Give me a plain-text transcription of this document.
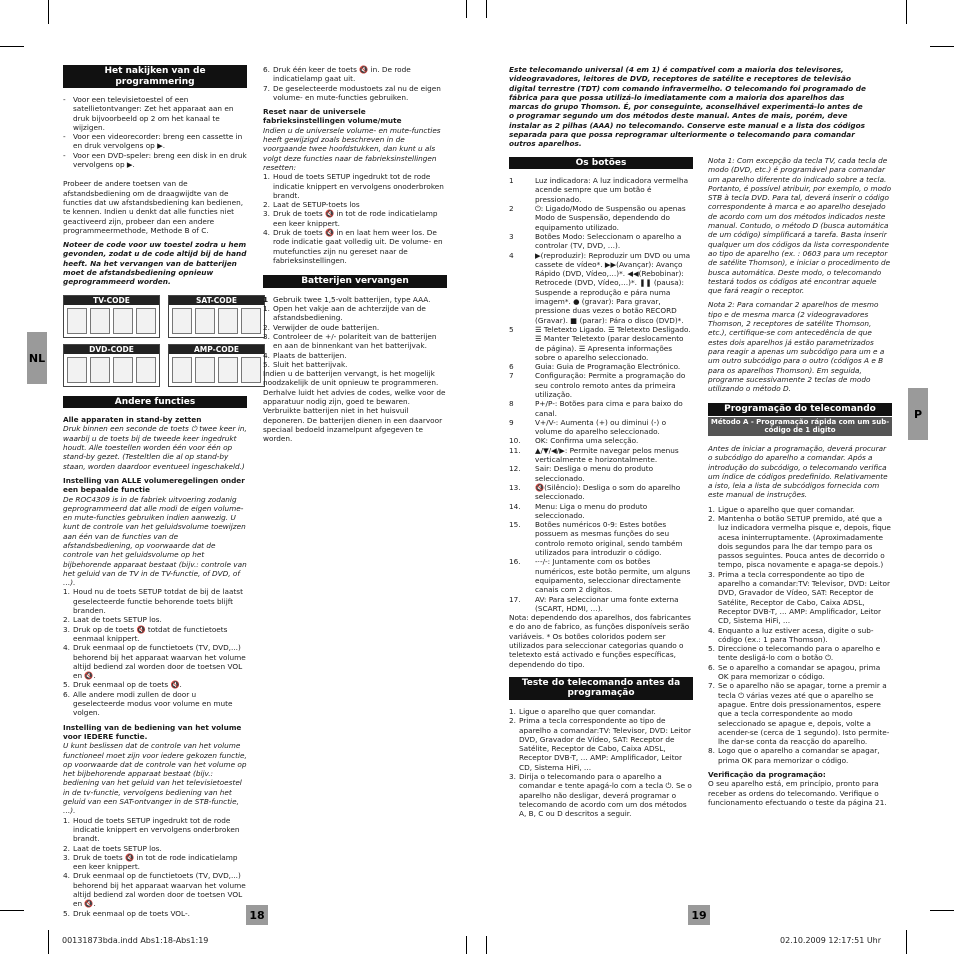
NL
P
18	19
Het nakijken van de programmering
-	Voor een televisietoestel of een satellietontvanger: Zet het apparaat aan en druk bijvoorbeeld op 2 om het kanaal te wijzigen.
-	Voor een videorecorder: breng een cassette in en druk vervolgens op ▶.
-	Voor een DVD-speler: breng een disk in en druk vervolgens op ▶.

Probeer de andere toetsen van de afstandsbediening om de draagwijdte van de functies dat uw afstandsbediening kan bedienen, te kennen. Indien u denkt dat alle functies niet geactiveerd zijn, probeer dan een andere programmeermethode, Methode B of C.

Noteer de code voor uw toestel zodra u hem gevonden, zodat u de code altijd bij de hand heeft. Na het vervangen van de batterijen moet de afstandsbediening opnieuw geprogrammeerd worden.

TV-CODE	SAT-CODE
DVD-CODE	AMP-CODE
Andere functies
Alle apparaten in stand-by zetten

Druk binnen een seconde de toets ⏻ twee keer in, waarbij u de toets bij de tweede keer ingedrukt houdt. Alle toestellen worden één voor één op stand-by gezet. (Testeltlen die al op stand-by staan, worden daardoor eventueel ingeschakeld.)

Instelling van ALLE volumeregelingen onder een bepaalde functie
De ROC4309 is in de fabriek uitvoering zodanig geprogrammeerd dat alle modi de eigen volume- en mute-functies gebruiken indien aanwezig. U kunt de controle van het geluidsvolume toewijzen aan één van de functies van de afstandsbediening, op voorwaarde dat de controle van het geluidsvolume op het bijbehorende apparaat bestaat (bijv.: controle van het geluid van de TV in de TV-functie, of DVD, of …).
1. Houd nu de toets SETUP totdat de bij de laatst geselecteerde functie behorende toets blijft branden.
2. Laat de toets SETUP los.
3. Druk op de toets 🔇 totdat de functietoets eenmaal knippert.
4. Druk eenmaal op de functietoets (TV, DVD,...) behorend bij het apparaat waarvan het volume altijd bediend zal worden door de toetsen VOL en 🔇.
5. Druk eenmaal op de toets 🔇.
6. Alle andere modi zullen de door u geselecteerde modus voor volume en mute volgen.
Instelling van de bediening van het volume voor IEDERE functie.
U kunt beslissen dat de controle van het volume functioneel moet zijn voor iedere gekozen functie, op voorwaarde dat de controle van het volume op het bijbehorende apparaat bestaat (bijv.: bediening van het geluid van het televisietoestel in de tv-functie, vervolgens bediening van het geluid van een SAT-ontvanger in de STB-functie, …).
1. Houd de toets SETUP ingedrukt tot de rode indicatie knippert en vervolgens onderbroken brandt.
2. Laat de toets SETUP los.
3. Druk de toets 🔇 in tot de rode indicatielamp een keer knippert.
4. Druk eenmaal op de functietoets (TV, DVD,...) behorend bij het apparaat waarvan het volume altijd bediend zal worden door de toetsen VOL en 🔇.
5. Druk eenmaal op de toets VOL-.
6. Druk één keer de toets 🔇 in. De rode indicatielamp gaat uit.
7. De geselecteerde modustoets zal nu de eigen volume- en mute-functies gebruiken.
Reset naar de universele fabrieksinstellingen volume/mute
Indien u de universele volume- en mute-functies heeft gewijzigd zoals beschreven in de voorgaande twee hoofdstukken, dan kunt u als volgt deze functies naar de fabrieksinstellingen resetten:
1. Houd de toets SETUP ingedrukt tot de rode indicatie knippert en vervolgens onoderbroken brandt.
2. Laat de SETUP-toets los
3. Druk de toets 🔇 in tot de rode indicatielamp een keer knippert.
4. Druk de toets 🔇 in en laat hem weer los. De rode indicatie gaat volledig uit. De volume- en mutefuncties zijn nu gereset naar de fabrieksinstellingen.
Batterijen vervangen
1 Gebruik twee 1,5-volt batterijen, type AAA.
1. Open het vakje aan de achterzijde van de afstandsbediening.
2. Verwijder de oude batterijen.
3. Controleer de +/- polariteit van de batterijen en aan de binnenkant van het batterijvak.
4. Plaats de batterijen.
5. Sluit het batterijvak.
Indien u de batterijen vervangt, is het mogelijk noodzakelijk de unit opnieuw te programmeren. Derhalve luidt het advies de codes, welke voor de apparatuur nodig zijn, goed te bewaren. Verbruikte batterijen niet in het huisvuil deponeren. De batterijen dienen in een daarvoor speciaal bedoeld inzamelpunt afgegeven te worden.
Este telecomando universal (4 em 1) é compatível com a maioria dos televisores, videogravadores, leitores de DVD, receptores de satélite e receptores de televisão digital terrestre (TDT) com comando infravermelho. O telecomando foi programado de fábrica para que possa utilizá-lo imediatamente com a maioria dos aparelhos das marcas do grupo Thomson. É, por conseguinte, aconselhável experimentá-lo antes de o programar segundo um dos métodos deste manual. Antes de mais, porém, deve instalar as 2 pilhas (AAA) no telecomando. Conserve este manual e a lista dos códigos separada para que possa reprogramar ulteriormente o telecomando para comandar outros aparelhos.
Os botões
1	Luz indicadora: A luz indicadora vermelha acende sempre que um botão é pressionado.
2	⏻: Ligado/Modo de Suspensão ou apenas Modo de Suspensão, dependendo do equipamento utilizado.
3	Botões Modo: Seleccionam o aparelho a controlar (TV, DVD, …).
4	▶(reproduzir): Reproduzir um DVD ou uma cassete de vídeo*. ▶▶(Avançar): Avanço Rápido (DVD, Vídeo,…)*. ◀◀(Rebobinar): Retrocede (DVD, Vídeo,…)*. ❚❚ (pausa): Suspende a reprodução e pára numa imagem*. ● (gravar): Para gravar, pressione duas vezes o botão RECORD (Gravar). ■ (parar): Pára o disco (DVD)*.
5	☰ Teletexto Ligado. ☰ Teletexto Desligado. ☰ Manter Teletexto (parar deslocamento de página). ☰ Apresenta informações sobre o aparelho seleccionado.
6	Guia: Guia de Programação Electrónico.
7	Configuração: Permite a programação do seu controlo remoto antes da primeira utilização.
8	P+/P-: Botões para cima e para baixo do canal.
9	V+/V-: Aumenta (+) ou diminui (-) o volume do aparelho seleccionado.
10.	OK: Confirma uma selecção.
11.	▲/▼/◀/▶: Permite navegar pelos menus verticalmente e horizontalmente.
12.	Sair: Desliga o menu do produto seleccionado.
13.	🔇(Silêncio): Desliga o som do aparelho seleccionado.
14.	Menu: Liga o menu do produto seleccionado.
15.	Botões numéricos 0-9: Estes botões possuem as mesmas funções do seu controlo remoto original, sendo também utilizados para introduzir o código.
16.	-·-/-: Juntamente com os botões numéricos, este botão permite, um alguns equipamento, seleccionar directamente canais com 2 digitos.
17.	AV: Para seleccionar uma fonte externa (SCART, HDMI, …).
Nota: dependendo dos aparelhos, dos fabricantes e do ano de fabrico, as funções disponíveis serão variáveis. * Os botões coloridos podem ser utilizados para seleccionar categorias quando o teletexto está activado e funções específicas, dependendo do tipo.
Teste do telecomando antes da programação
1. Ligue o aparelho que quer comandar.
2. Prima a tecla correspondente ao tipo de aparelho a comandar:TV: Televisor, DVD: Leitor DVD, Gravador de Vídeo, SAT: Receptor de Satélite, Receptor de Cabo, Caixa ADSL, Receptor DVB-T, … AMP: Amplificador, Leitor CD, Sistema HiFi, …
3. Dirija o telecomando para o aparelho a comandar e tente apagá-lo com a tecla ⏻. Se o aparelho não desligar, deverá programar o telecomando de acordo com um dos métodos A, B, C ou D descritos a seguir.

Nota 1: Com excepção da tecla TV, cada tecla de modo (DVD, etc.) é programável para comandar um aparelho diferente do indicado sobre a tecla. Portanto, é possível atribuir, por exemplo, o modo STB à tecla DVD. Para tal, deverá inserir o código correspondente à marca e ao aparelho desejado de acordo com um dos métodos indicados neste manual. Contudo, o método D (busca automática de um código) simplificará a tarefa. Basta inserir qualquer um dos códigos da lista correspondente ao tipo de aparelho (ex. : 0603 para um receptor de satélite Thomson), e iniciar o procedimento de busca automática. Deste modo, o telecomando testará todos os códigos até encontrar aquele que fará reagir o receptor.

Nota 2: Para comandar 2 aparelhos de mesmo tipo e de mesma marca (2 videogravadores Thomson, 2 receptores de satélite Thomson, etc.), certifique-se com antecedência de que estes dois aparelhos já estão parametrizados para reagir a apenas um subcódigo para um e a um outro subcódigo para o outro (códigos A e B para os aparelhos Thomson). Em seguida, programe sucessivamente 2 teclas de modo utilizando o método D.

Programação do telecomando
Método A - Programação rápida com um sub-código de 1 digito

Antes de iniciar a programação, deverá procurar o subcódigo do aparelho a comandar. Após a introdução do subcódigo, o telecomando verifica um índice de códigos predefinido. Relativamente a isto, leia a lista de subcódigos fornecida com este manual de instruções.

1. Ligue o aparelho que quer comandar.
2. Mantenha o botão SETUP premido, até que a luz indicadora vermelha pisque e, depois, fique acesa ininterruptamente. (Aproximadamente dois segundos para lhe dar tempo para os passos seguintes. Pouca antes de decorrido o tempo, pisca novamente e apaga-se depois.)
3. Prima a tecla correspondente ao tipo de aparelho a comandar:TV: Televisor, DVD: Leitor DVD, Gravador de Vídeo, SAT: Receptor de Satélite, Receptor de Cabo, Caixa ADSL, Receptor DVB-T, … AMP: Amplificador, Leitor CD, Sistema HiFi, …
4. Enquanto a luz estiver acesa, digite o sub-código (ex.: 1 para Thomson).
5. Direccione o telecomando para o aparelho e tente desligá-lo com o botão ⏻.
6. Se o aparelho a comandar se apagou, prima OK para memorizar o código.
7. Se o aparelho não se apagar, torne a premir a tecla ⏻ várias vezes até que o aparelho se apague. Entre dois pressionamentos, espere que a tecla correspondente ao modo seleccionado se apague e, depois, volte a acender-se (cerca de 1 segundo). Isto permite-lhe dar-se conta da reacção do aparelho.
8. Logo que o aparelho a comandar se apagar, prima OK para memorizar o código.
Verificação da programação:
O seu aparelho está, em princípio, pronto para receber as ordens do telecomando. Verifique o funcionamento efectuando o teste da página 21.
00131873bda.indd Abs1:18-Abs1:19	02.10.2009 12:17:51 Uhr
